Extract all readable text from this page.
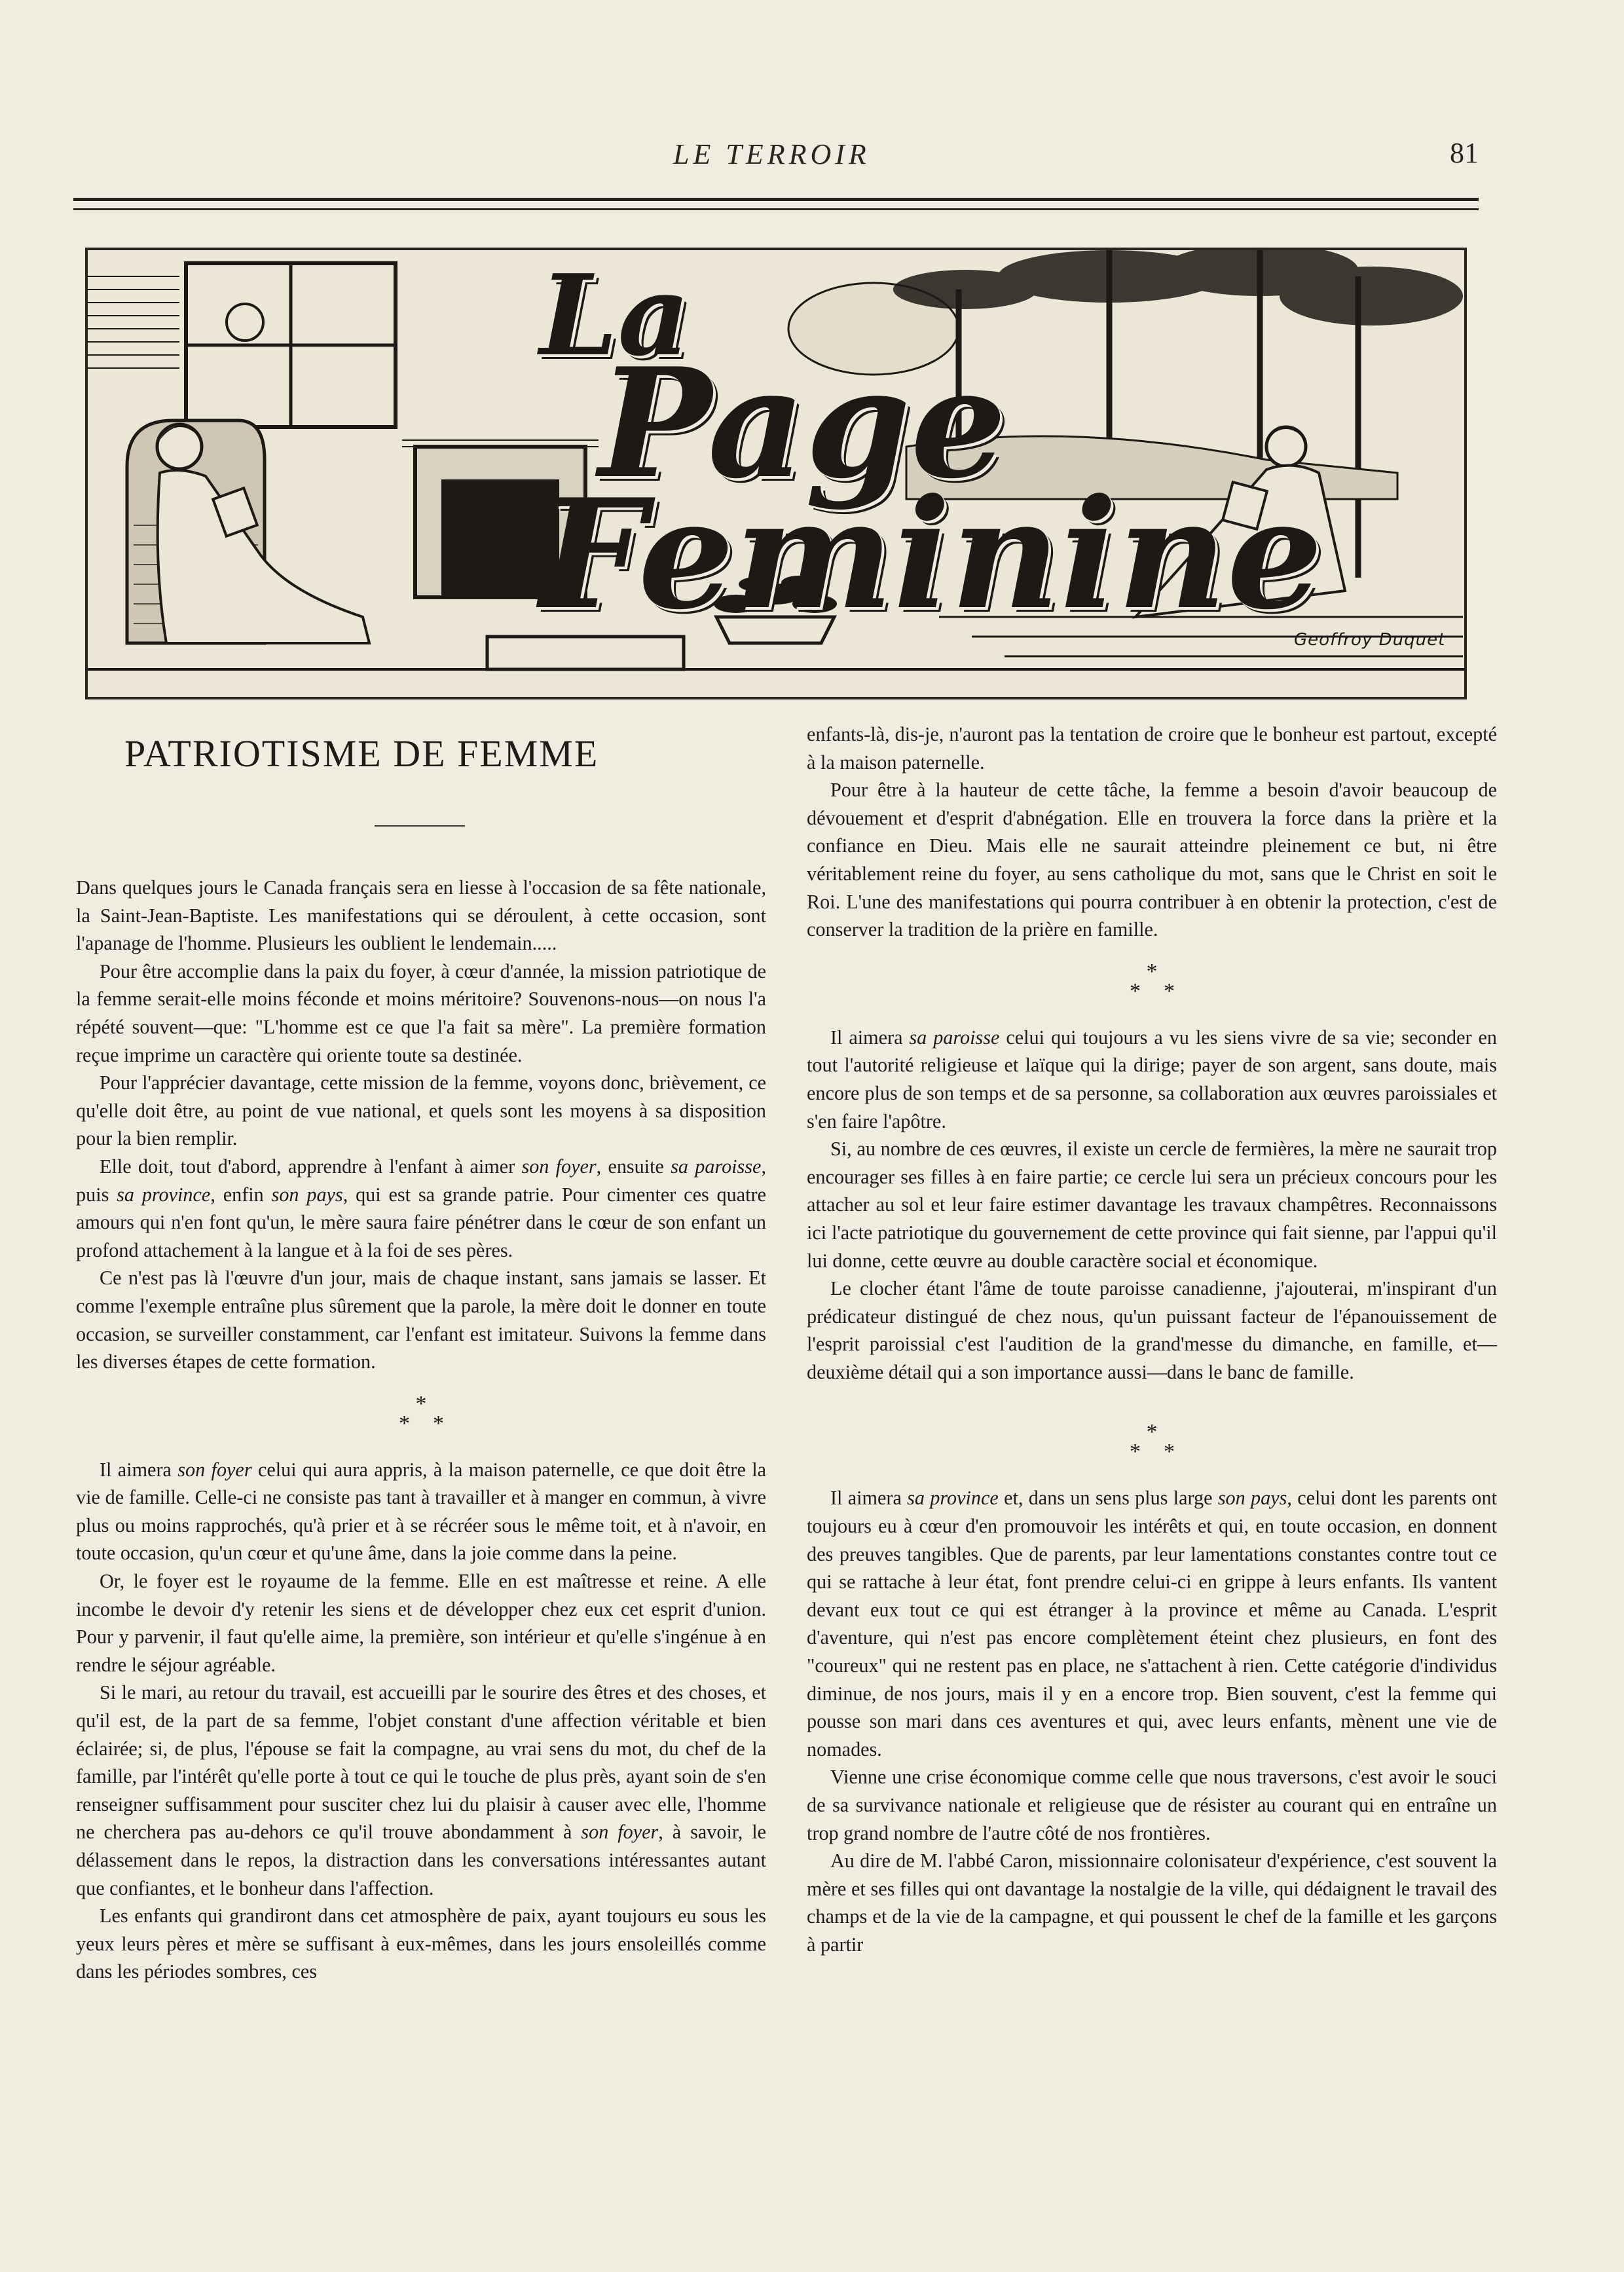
LE TERROIR	81
La
Page
Feminine
Geoffroy Duquet
PATRIOTISME DE FEMME

Dans quelques jours le Canada français sera en liesse à l'occasion de sa fête nationale, la Saint-Jean-Baptiste. Les manifestations qui se déroulent, à cette occasion, sont l'apanage de l'homme. Plusieurs les oublient le lendemain.....

Pour être accomplie dans la paix du foyer, à cœur d'année, la mission patriotique de la femme serait-elle moins féconde et moins méritoire? Souvenons-nous—on nous l'a répété souvent—que: "L'homme est ce que l'a fait sa mère". La première formation reçue imprime un caractère qui oriente toute sa destinée.

Pour l'apprécier davantage, cette mission de la femme, voyons donc, brièvement, ce qu'elle doit être, au point de vue national, et quels sont les moyens à sa disposition pour la bien remplir.

Elle doit, tout d'abord, apprendre à l'enfant à aimer son foyer, ensuite sa paroisse, puis sa province, enfin son pays, qui est sa grande patrie. Pour cimenter ces quatre amours qui n'en font qu'un, le mère saura faire pénétrer dans le cœur de son enfant un profond attachement à la langue et à la foi de ses pères.

Ce n'est pas là l'œuvre d'un jour, mais de chaque instant, sans jamais se lasser. Et comme l'exemple entraîne plus sûrement que la parole, la mère doit le donner en toute occasion, se surveiller constamment, car l'enfant est imitateur. Suivons la femme dans les diverses étapes de cette formation.

*
* *

Il aimera son foyer celui qui aura appris, à la maison paternelle, ce que doit être la vie de famille. Celle-ci ne consiste pas tant à travailler et à manger en commun, à vivre plus ou moins rapprochés, qu'à prier et à se récréer sous le même toit, et à n'avoir, en toute occasion, qu'un cœur et qu'une âme, dans la joie comme dans la peine.

Or, le foyer est le royaume de la femme. Elle en est maîtresse et reine. A elle incombe le devoir d'y retenir les siens et de développer chez eux cet esprit d'union. Pour y parvenir, il faut qu'elle aime, la première, son intérieur et qu'elle s'ingénue à en rendre le séjour agréable.

Si le mari, au retour du travail, est accueilli par le sourire des êtres et des choses, et qu'il est, de la part de sa femme, l'objet constant d'une affection véritable et bien éclairée; si, de plus, l'épouse se fait la compagne, au vrai sens du mot, du chef de la famille, par l'intérêt qu'elle porte à tout ce qui le touche de plus près, ayant soin de s'en renseigner suffisamment pour susciter chez lui du plaisir à causer avec elle, l'homme ne cherchera pas au-dehors ce qu'il trouve abondamment à son foyer, à savoir, le délassement dans le repos, la distraction dans les conversations intéressantes autant que confiantes, et le bonheur dans l'affection.

Les enfants qui grandiront dans cet atmosphère de paix, ayant toujours eu sous les yeux leurs pères et mère se suffisant à eux-mêmes, dans les jours ensoleillés comme dans les périodes sombres, ces

enfants-là, dis-je, n'auront pas la tentation de croire que le bonheur est partout, excepté à la maison paternelle.

Pour être à la hauteur de cette tâche, la femme a besoin d'avoir beaucoup de dévouement et d'esprit d'abnégation. Elle en trouvera la force dans la prière et la confiance en Dieu. Mais elle ne saurait atteindre pleinement ce but, ni être véritablement reine du foyer, au sens catholique du mot, sans que le Christ en soit le Roi. L'une des manifestations qui pourra contribuer à en obtenir la protection, c'est de conserver la tradition de la prière en famille.

*
* *

Il aimera sa paroisse celui qui toujours a vu les siens vivre de sa vie; seconder en tout l'autorité religieuse et laïque qui la dirige; payer de son argent, sans doute, mais encore plus de son temps et de sa personne, sa collaboration aux œuvres paroissiales et s'en faire l'apôtre.

Si, au nombre de ces œuvres, il existe un cercle de fermières, la mère ne saurait trop encourager ses filles à en faire partie; ce cercle lui sera un précieux concours pour les attacher au sol et leur faire estimer davantage les travaux champêtres. Reconnaissons ici l'acte patriotique du gouvernement de cette province qui fait sienne, par l'appui qu'il lui donne, cette œuvre au double caractère social et économique.

Le clocher étant l'âme de toute paroisse canadienne, j'ajouterai, m'inspirant d'un prédicateur distingué de chez nous, qu'un puissant facteur de l'épanouissement de l'esprit paroissial c'est l'audition de la grand'messe du dimanche, en famille, et—deuxième détail qui a son importance aussi—dans le banc de famille.

*
* *

Il aimera sa province et, dans un sens plus large son pays, celui dont les parents ont toujours eu à cœur d'en promouvoir les intérêts et qui, en toute occasion, en donnent des preuves tangibles. Que de parents, par leur lamentations constantes contre tout ce qui se rattache à leur état, font prendre celui-ci en grippe à leurs enfants. Ils vantent devant eux tout ce qui est étranger à la province et même au Canada. L'esprit d'aventure, qui n'est pas encore complètement éteint chez plusieurs, en font des "coureux" qui ne restent pas en place, ne s'attachent à rien. Cette catégorie d'individus diminue, de nos jours, mais il y en a encore trop. Bien souvent, c'est la femme qui pousse son mari dans ces aventures et qui, avec leurs enfants, mènent une vie de nomades.

Vienne une crise économique comme celle que nous traversons, c'est avoir le souci de sa survivance nationale et religieuse que de résister au courant qui en entraîne un trop grand nombre de l'autre côté de nos frontières.

Au dire de M. l'abbé Caron, missionnaire colonisateur d'expérience, c'est souvent la mère et ses filles qui ont davantage la nostalgie de la ville, qui dédaignent le travail des champs et de la vie de la campagne, et qui poussent le chef de la famille et les garçons à partir
